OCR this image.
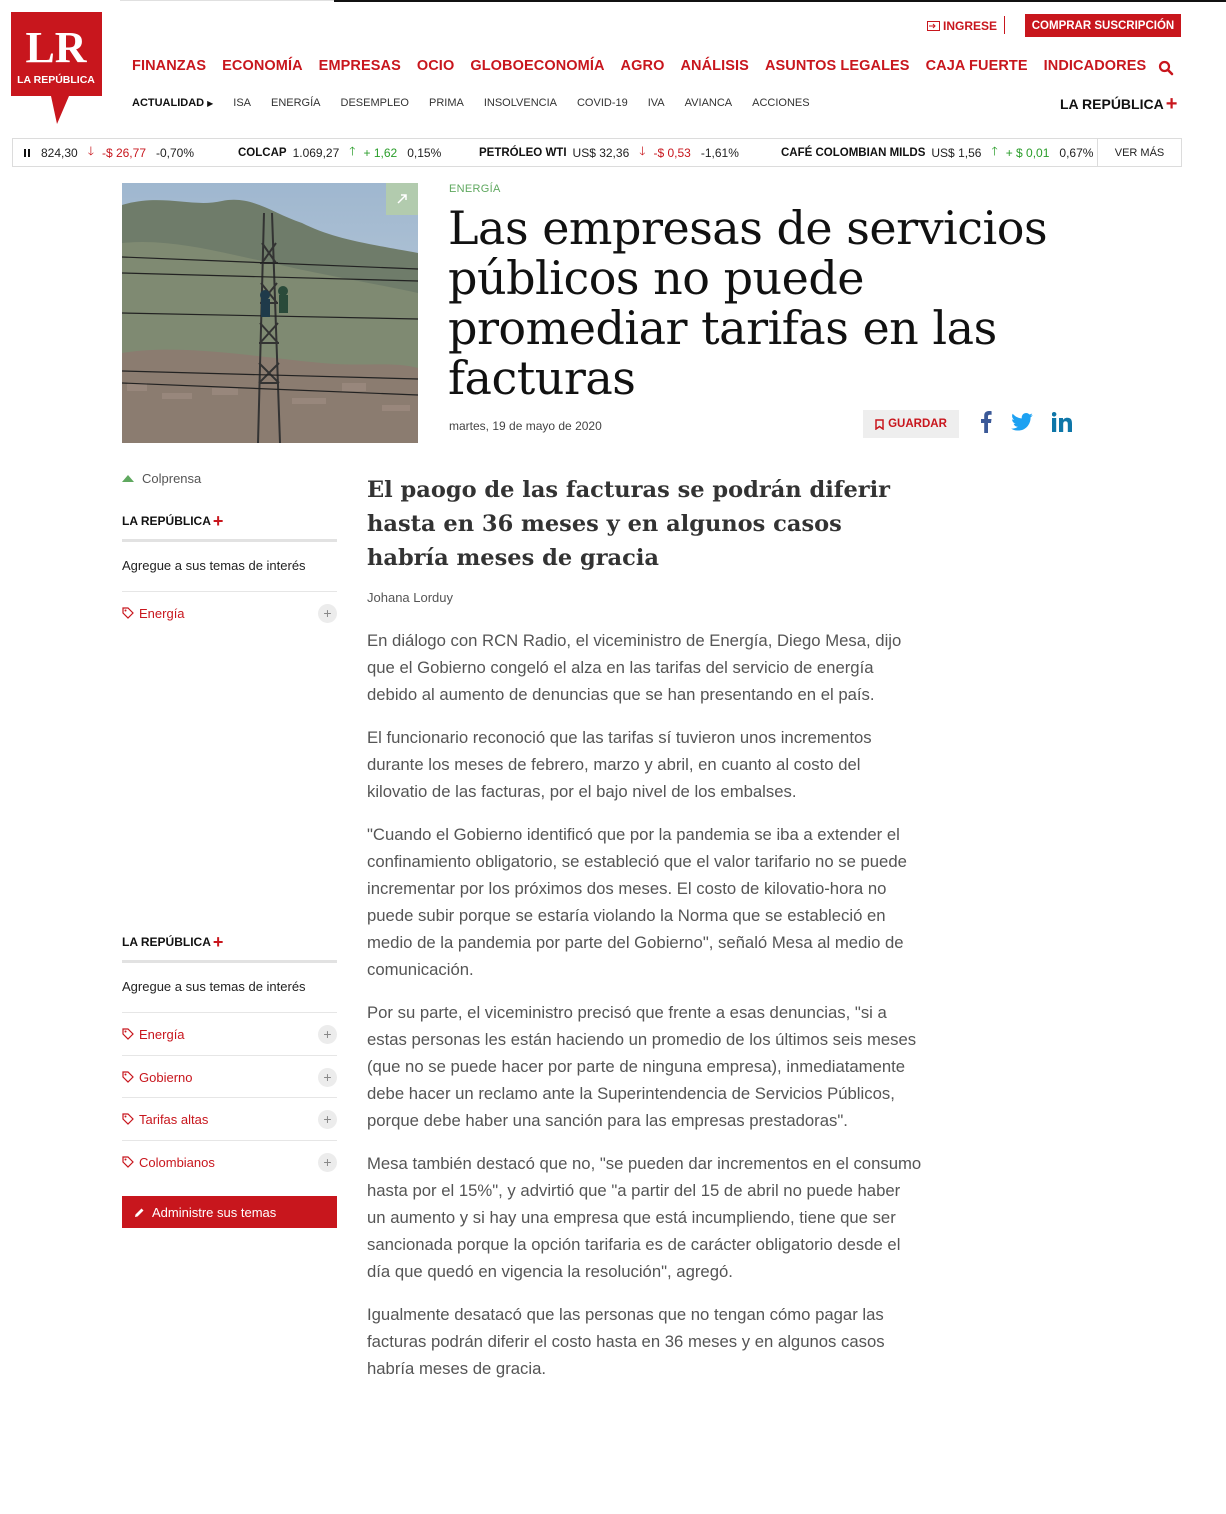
LR
LA REPÚBLICA
INGRESE	COMPRAR SUSCRIPCIÓN
FINANZAS ECONOMÍA EMPRESAS OCIO GLOBOECONOMÍA AGRO ANÁLISIS ASUNTOS LEGALES CAJA FUERTE INDICADORES
ACTUALIDAD ▶ ISA ENERGÍA DESEMPLEO PRIMA INSOLVENCIA COVID-19 IVA AVIANCA ACCIONES	LA REPÚBLICA +
824,30 🡓 -$ 26,77 -0,70%	COLCAP 1.069,27 🡑 + 1,62 0,15%	PETRÓLEO WTI US$ 32,36 🡓 -$ 0,53 -1,61%	CAFÉ COLOMBIAN MILDS US$ 1,56 🡑 + $ 0,01 0,67%	VER MÁS
ENERGÍA
Las empresas de servicios públicos no puede promediar tarifas en las facturas
martes, 19 de mayo de 2020	GUARDAR
Colprensa
LA REPÚBLICA +
Agregue a sus temas de interés
Energía	+
LA REPÚBLICA +
Agregue a sus temas de interés
Energía	+
Gobierno	+
Tarifas altas	+
Colombianos	+
Administre sus temas
El paogo de las facturas se podrán diferir hasta en 36 meses y en algunos casos habría meses de gracia
Johana Lorduy

En diálogo con RCN Radio, el viceministro de Energía, Diego Mesa, dijo que el Gobierno congeló el alza en las tarifas del servicio de energía debido al aumento de denuncias que se han presentando en el país.

El funcionario reconoció que las tarifas sí tuvieron unos incrementos durante los meses de febrero, marzo y abril, en cuanto al costo del kilovatio de las facturas, por el bajo nivel de los embalses.

"Cuando el Gobierno identificó que por la pandemia se iba a extender el confinamiento obligatorio, se estableció que el valor tarifario no se puede incrementar por los próximos dos meses. El costo de kilovatio-hora no puede subir porque se estaría violando la Norma que se estableció en medio de la pandemia por parte del Gobierno", señaló Mesa al medio de comunicación.

Por su parte, el viceministro precisó que frente a esas denuncias, "si a estas personas les están haciendo un promedio de los últimos seis meses (que no se puede hacer por parte de ninguna empresa), inmediatamente debe hacer un reclamo ante la Superintendencia de Servicios Públicos, porque debe haber una sanción para las empresas prestadoras".

Mesa también destacó que no, "se pueden dar incrementos en el consumo hasta por el 15%", y advirtió que "a partir del 15 de abril no puede haber un aumento y si hay una empresa que está incumpliendo, tiene que ser sancionada porque la opción tarifaria es de carácter obligatorio desde el día que quedó en vigencia la resolución", agregó.

Igualmente desatacó que las personas que no tengan cómo pagar las facturas podrán diferir el costo hasta en 36 meses y en algunos casos habría meses de gracia.
